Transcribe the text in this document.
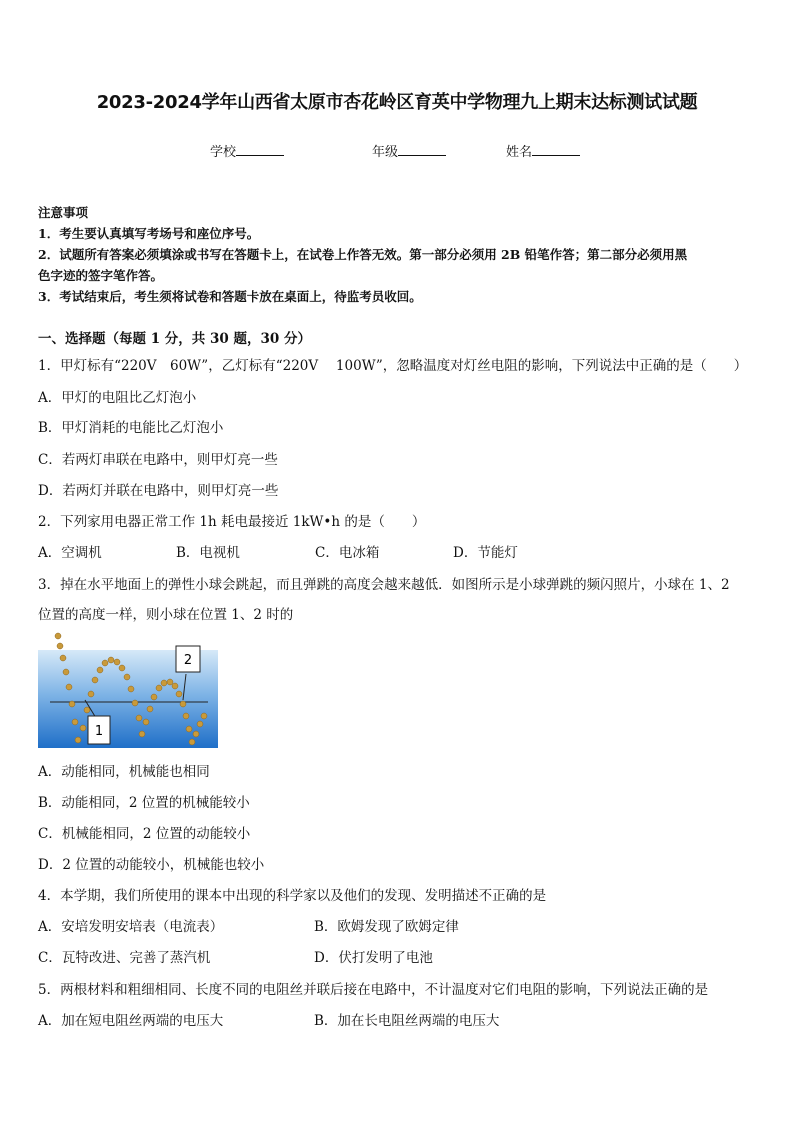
2023-2024学年山西省太原市杏花岭区育英中学物理九上期末达标测试试题
学校	年级	姓名
注意事项
1．考生要认真填写考场号和座位序号。
2．试题所有答案必须填涂或书写在答题卡上，在试卷上作答无效。第一部分必须用 2B 铅笔作答；第二部分必须用黑
色字迹的签字笔作答。
3．考试结束后，考生须将试卷和答题卡放在桌面上，待监考员收回。
一、选择题（每题 1 分，共 30 题，30 分）
1．甲灯标有“220V　60W”，乙灯标有“220V　 100W”，忽略温度对灯丝电阻的影响，下列说法中正确的是（　　）
A．甲灯的电阻比乙灯泡小
B．甲灯消耗的电能比乙灯泡小
C．若两灯串联在电路中，则甲灯亮一些
D．若两灯并联在电路中，则甲灯亮一些
2．下列家用电器正常工作 1h 耗电最接近 1kW•h 的是（　　）
A．空调机	B．电视机	C．电冰箱	D．节能灯
3．掉在水平地面上的弹性小球会跳起，而且弹跳的高度会越来越低．如图所示是小球弹跳的频闪照片，小球在 1、2
位置的高度一样，则小球在位置 1、2 时的
1
2
A．动能相同，机械能也相同
B．动能相同，2 位置的机械能较小
C．机械能相同，2 位置的动能较小
D．2 位置的动能较小，机械能也较小
4．本学期，我们所使用的课本中出现的科学家以及他们的发现、发明描述不正确的是
A．安培发明安培表（电流表）	B．欧姆发现了欧姆定律
C．瓦特改进、完善了蒸汽机	D．伏打发明了电池
5．两根材料和粗细相同、长度不同的电阻丝并联后接在电路中，不计温度对它们电阻的影响，下列说法正确的是
A．加在短电阻丝两端的电压大	B．加在长电阻丝两端的电压大
